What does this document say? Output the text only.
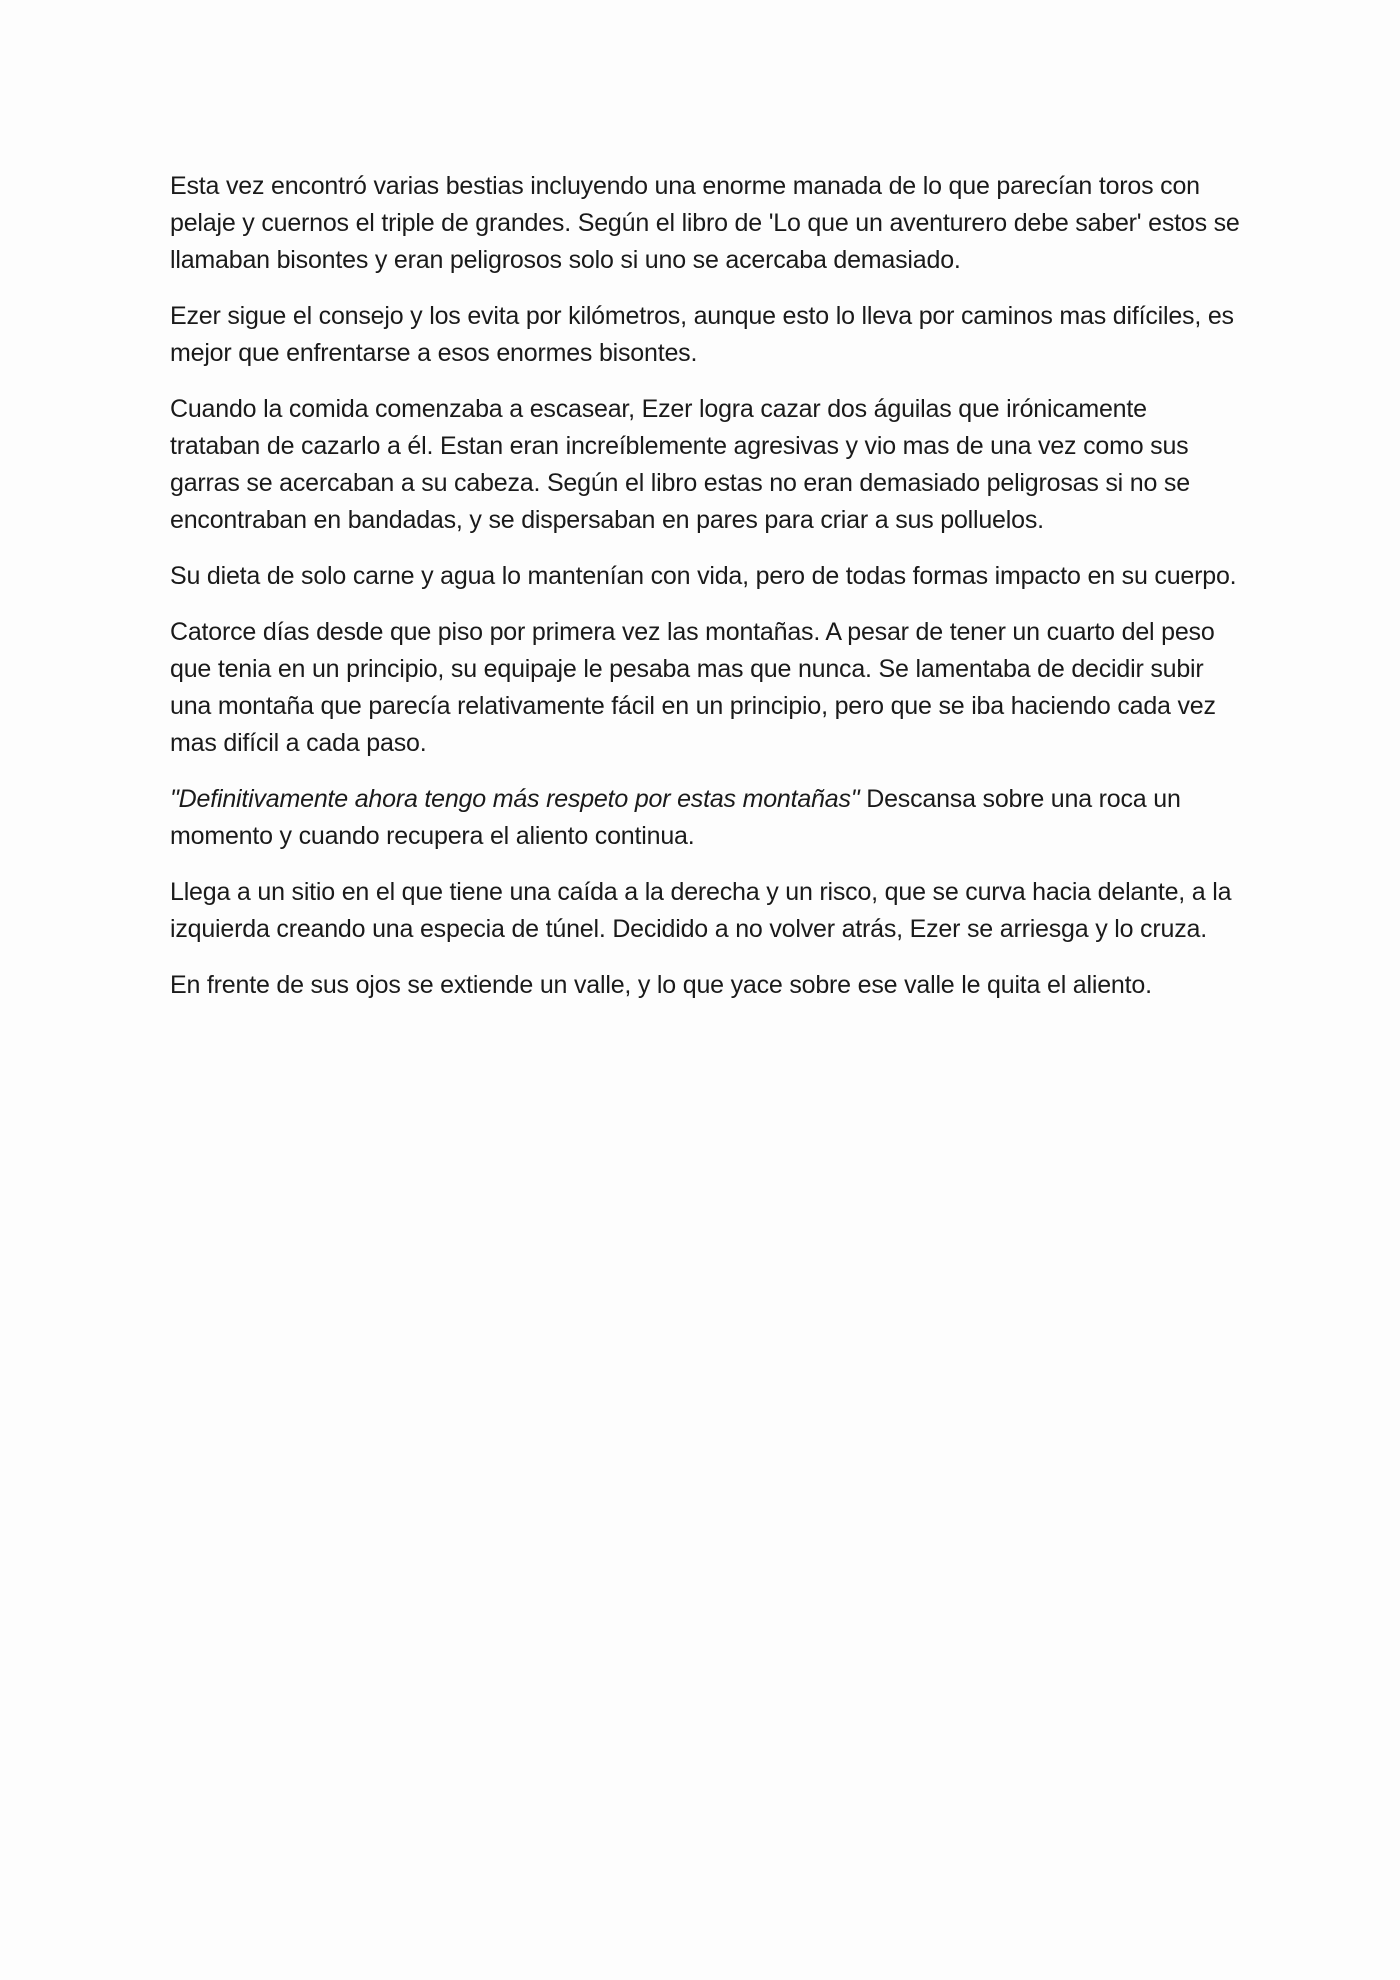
Esta vez encontró varias bestias incluyendo una enorme manada de lo que parecían toros con pelaje y cuernos el triple de grandes. Según el libro de 'Lo que un aventurero debe saber' estos se llamaban bisontes y eran peligrosos solo si uno se acercaba demasiado.

Ezer sigue el consejo y los evita por kilómetros, aunque esto lo lleva por caminos mas difíciles, es mejor que enfrentarse a esos enormes bisontes.

Cuando la comida comenzaba a escasear, Ezer logra cazar dos águilas que irónicamente trataban de cazarlo a él. Estan eran increíblemente agresivas y vio mas de una vez como sus garras se acercaban a su cabeza. Según el libro estas no eran demasiado peligrosas si no se encontraban en bandadas, y se dispersaban en pares para criar a sus polluelos.

Su dieta de solo carne y agua lo mantenían con vida, pero de todas formas impacto en su cuerpo.

Catorce días desde que piso por primera vez las montañas. A pesar de tener un cuarto del peso que tenia en un principio, su equipaje le pesaba mas que nunca. Se lamentaba de decidir subir una montaña que parecía relativamente fácil en un principio, pero que se iba haciendo cada vez mas difícil a cada paso.

"Definitivamente ahora tengo más respeto por estas montañas" Descansa sobre una roca un momento y cuando recupera el aliento continua.

Llega a un sitio en el que tiene una caída a la derecha y un risco, que se curva hacia delante, a la izquierda creando una especia de túnel. Decidido a no volver atrás, Ezer se arriesga y lo cruza.

En frente de sus ojos se extiende un valle, y lo que yace sobre ese valle le quita el aliento.
